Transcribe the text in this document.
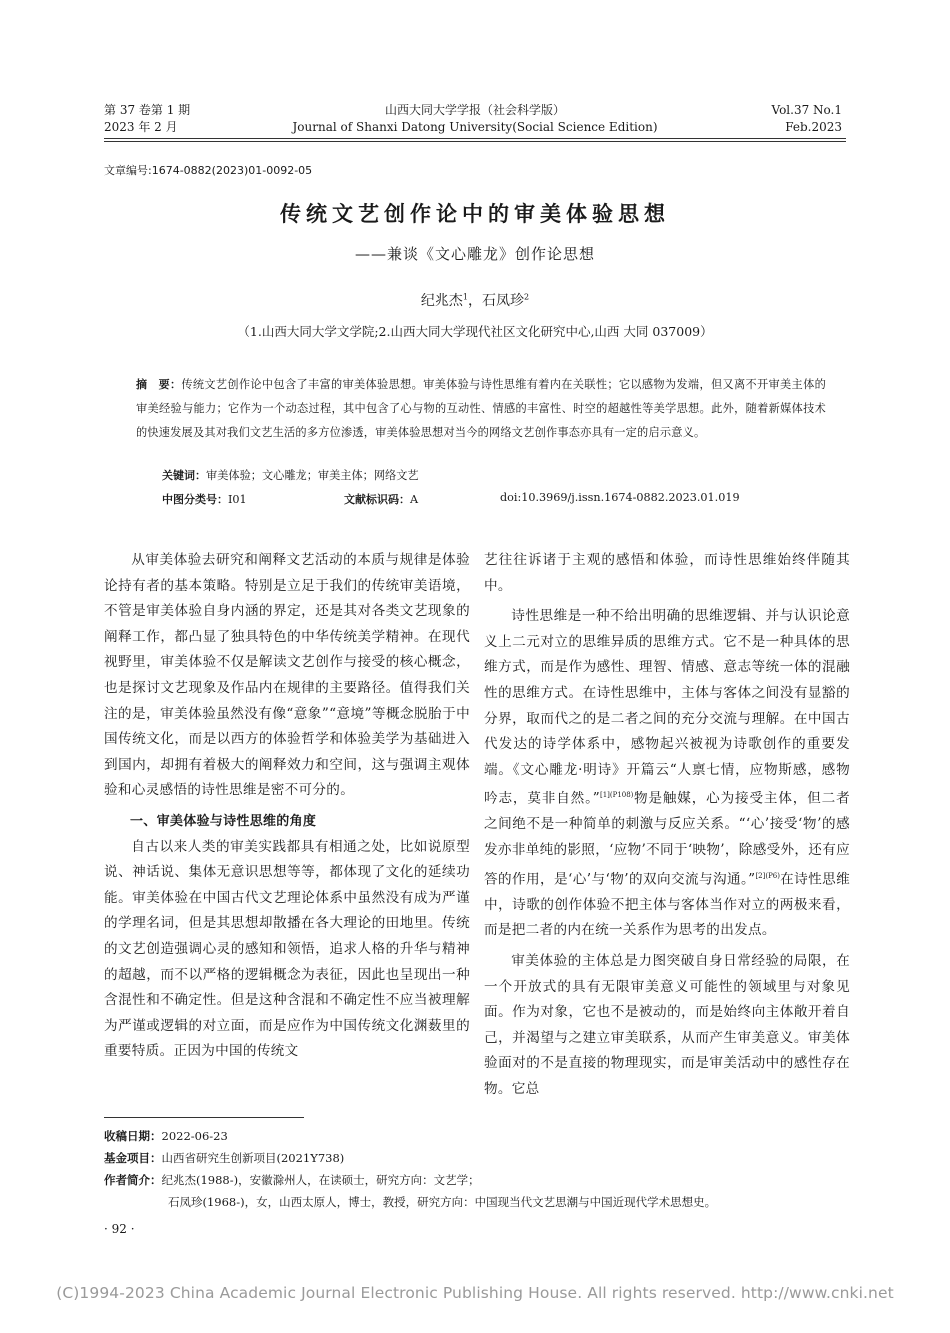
第 37 卷第 1 期
2023 年 2 月
山西大同大学学报（社会科学版）
Journal of Shanxi Datong University(Social Science Edition)
Vol.37 No.1
Feb.2023
文章编号:1674-0882(2023)01-0092-05
传统文艺创作论中的审美体验思想
——兼谈《文心雕龙》创作论思想
纪兆杰$^1$，石凤珍$^2$
（1.山西大同大学文学院;2.山西大同大学现代社区文化研究中心,山西 大同 037009）
摘　要：传统文艺创作论中包含了丰富的审美体验思想。审美体验与诗性思维有着内在关联性；它以感物为发端，但又离不开审美主体的审美经验与能力；它作为一个动态过程，其中包含了心与物的互动性、情感的丰富性、时空的超越性等美学思想。此外，随着新媒体技术的快速发展及其对我们文艺生活的多方位渗透，审美体验思想对当今的网络文艺创作事态亦具有一定的启示意义。
关键词：审美体验；文心雕龙；审美主体；网络文艺
中图分类号：I01	文献标识码：A	doi:10.3969/j.issn.1674-0882.2023.01.019

从审美体验去研究和阐释文艺活动的本质与规律是体验论持有者的基本策略。特别是立足于我们的传统审美语境，不管是审美体验自身内涵的界定，还是其对各类文艺现象的阐释工作，都凸显了独具特色的中华传统美学精神。在现代视野里，审美体验不仅是解读文艺创作与接受的核心概念，也是探讨文艺现象及作品内在规律的主要路径。值得我们关注的是，审美体验虽然没有像“意象”“意境”等概念脱胎于中国传统文化，而是以西方的体验哲学和体验美学为基础进入到国内，却拥有着极大的阐释效力和空间，这与强调主观体验和心灵感悟的诗性思维是密不可分的。

一、审美体验与诗性思维的角度

自古以来人类的审美实践都具有相通之处，比如说原型说、神话说、集体无意识思想等等，都体现了文化的延续功能。审美体验在中国古代文艺理论体系中虽然没有成为严谨的学理名词，但是其思想却散播在各大理论的田地里。传统的文艺创造强调心灵的感知和领悟，追求人格的升华与精神的超越，而不以严格的逻辑概念为表征，因此也呈现出一种含混性和不确定性。但是这种含混和不确定性不应当被理解为严谨或逻辑的对立面，而是应作为中国传统文化渊薮里的重要特质。正因为中国的传统文

艺往往诉诸于主观的感悟和体验，而诗性思维始终伴随其中。

诗性思维是一种不给出明确的思维逻辑、并与认识论意义上二元对立的思维异质的思维方式。它不是一种具体的思维方式，而是作为感性、理智、情感、意志等统一体的混融性的思维方式。在诗性思维中，主体与客体之间没有显豁的分界，取而代之的是二者之间的充分交流与理解。在中国古代发达的诗学体系中，感物起兴被视为诗歌创作的重要发端。《文心雕龙·明诗》开篇云“人禀七情，应物斯感，感物吟志，莫非自然。”$^{[1](P108)}$物是触媒，心为接受主体，但二者之间绝不是一种简单的刺激与反应关系。“‘心’接受‘物’的感发亦非单纯的影照，‘应物’不同于‘映物’，除感受外，还有应答的作用，是‘心’与‘物’的双向交流与沟通。”$^{[2](P6)}$在诗性思维中，诗歌的创作体验不把主体与客体当作对立的两极来看，而是把二者的内在统一关系作为思考的出发点。

审美体验的主体总是力图突破自身日常经验的局限，在一个开放式的具有无限审美意义可能性的领域里与对象见面。作为对象，它也不是被动的，而是始终向主体敞开着自己，并渴望与之建立审美联系，从而产生审美意义。审美体验面对的不是直接的物理现实，而是审美活动中的感性存在物。它总

收稿日期：2022-06-23
基金项目：山西省研究生创新项目(2021Y738)
作者简介：纪兆杰(1988-)，安徽滁州人，在读硕士，研究方向：文艺学；
石凤珍(1968-)，女，山西太原人，博士，教授，研究方向：中国现当代文艺思潮与中国近现代学术思想史。
· 92 ·
(C)1994-2023 China Academic Journal Electronic Publishing House. All rights reserved. http://www.cnki.net
